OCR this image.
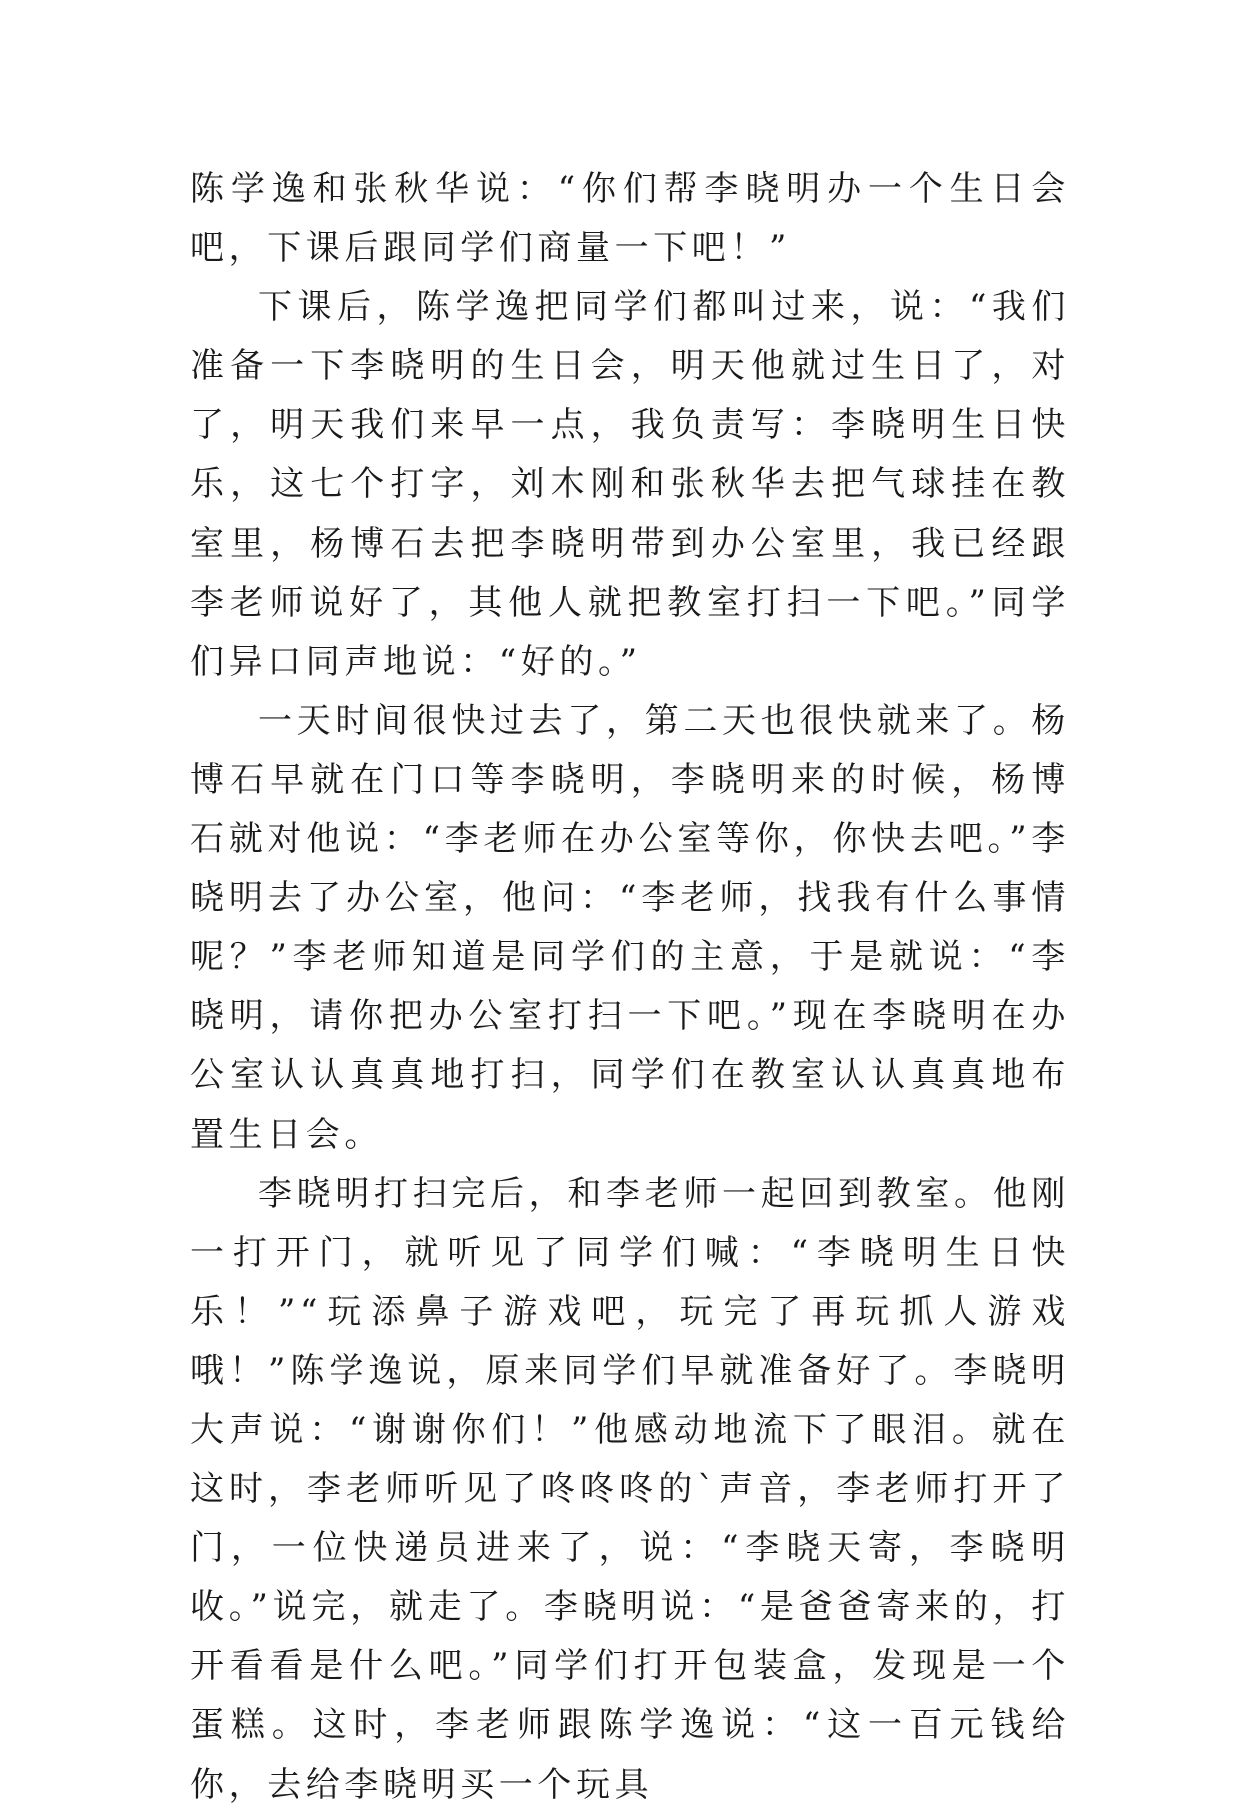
陈学逸和张秋华说：“你们帮李晓明办一个生日会吧，下课后跟同学们商量一下吧！”

下课后，陈学逸把同学们都叫过来，说：“我们准备一下李晓明的生日会，明天他就过生日了，对了，明天我们来早一点，我负责写：李晓明生日快乐，这七个打字，刘木刚和张秋华去把气球挂在教室里，杨博石去把李晓明带到办公室里，我已经跟李老师说好了，其他人就把教室打扫一下吧。”同学们异口同声地说：“好的。”

一天时间很快过去了，第二天也很快就来了。杨博石早就在门口等李晓明，李晓明来的时候，杨博石就对他说：“李老师在办公室等你，你快去吧。”李晓明去了办公室，他问：“李老师，找我有什么事情呢？”李老师知道是同学们的主意，于是就说：“李晓明，请你把办公室打扫一下吧。”现在李晓明在办公室认认真真地打扫，同学们在教室认认真真地布置生日会。

李晓明打扫完后，和李老师一起回到教室。他刚一打开门，就听见了同学们喊：“李晓明生日快乐！”“玩添鼻子游戏吧，玩完了再玩抓人游戏哦！”陈学逸说，原来同学们早就准备好了。李晓明大声说：“谢谢你们！”他感动地流下了眼泪。就在这时，李老师听见了咚咚咚的`声音，李老师打开了门，一位快递员进来了，说：“李晓天寄，李晓明收。”说完，就走了。李晓明说：“是爸爸寄来的，打开看看是什么吧。”同学们打开包装盒，发现是一个蛋糕。这时，李老师跟陈学逸说：“这一百元钱给你，去给李晓明买一个玩具
